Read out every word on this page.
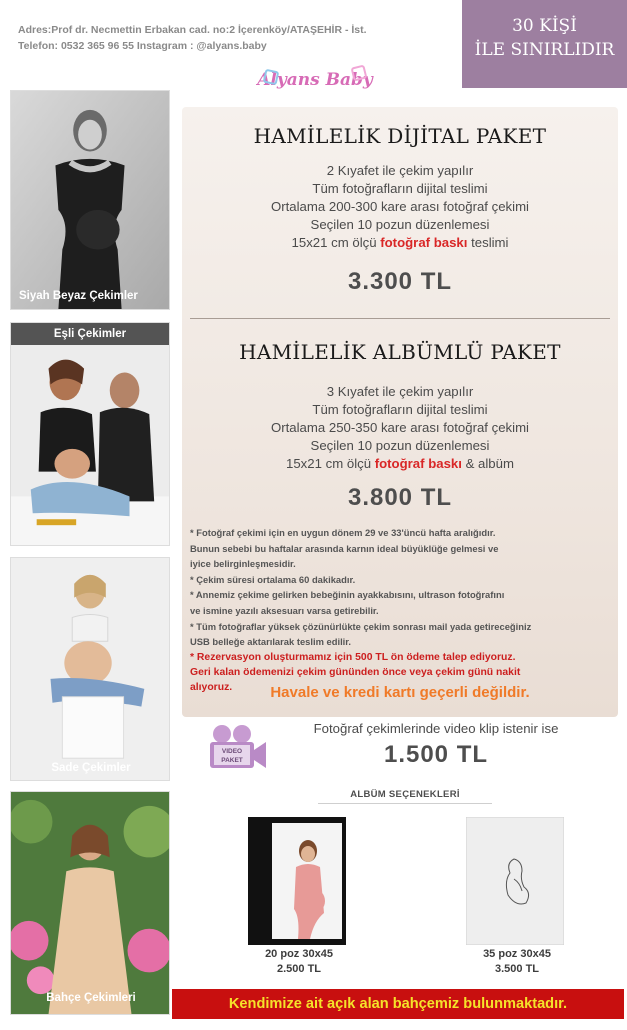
Adres:Prof dr. Necmettin Erbakan cad. no:2 İçerenköy/ATAŞEHİR - İst.
Telefon: 0532 365 96 55 Instagram : @alyans.baby
30 KİŞİ
İLE SINIRLIDIR
Alyans Baby
Siyah Beyaz Çekimler
Eşli Çekimler
Sade Çekimler
Bahçe Çekimleri
HAMİLELİK DİJİTAL PAKET
2 Kıyafet ile çekim yapılır
Tüm fotoğrafların dijital teslimi
Ortalama 200-300 kare arası fotoğraf çekimi
Seçilen 10 pozun düzenlemesi
15x21 cm ölçü fotoğraf baskı teslimi
3.300 TL
HAMİLELİK ALBÜMLÜ PAKET
3 Kıyafet ile çekim yapılır
Tüm fotoğrafların dijital teslimi
Ortalama 250-350 kare arası fotoğraf çekimi
Seçilen 10 pozun düzenlemesi
15x21 cm ölçü fotoğraf baskı & albüm
3.800 TL

* Fotoğraf çekimi için en uygun dönem 29 ve 33'üncü hafta aralığıdır.

Bunun sebebi bu haftalar arasında karnın ideal büyüklüğe gelmesi ve

iyice belirginleşmesidir.

* Çekim süresi ortalama 60 dakikadır.

* Annemiz çekime gelirken bebeğinin ayakkabısını, ultrason fotoğrafını

ve ismine yazılı aksesuarı varsa getirebilir.

* Tüm fotoğraflar yüksek çözünürlükte çekim sonrası mail yada getireceğiniz

USB belleğe aktarılarak teslim edilir.

* Rezervasyon oluşturmamız için 500 TL ön ödeme talep ediyoruz.

Geri kalan ödemenizi çekim gününden önce veya çekim günü nakit

alıyoruz.	Havale ve kredi kartı geçerli değildir.
VIDEO
PAKET
Fotoğraf çekimlerinde video klip istenir ise
1.500 TL
ALBÜM SEÇENEKLERİ
20 poz 30x45
2.500 TL
35 poz 30x45
3.500 TL
Kendimize ait açık alan bahçemiz bulunmaktadır.
